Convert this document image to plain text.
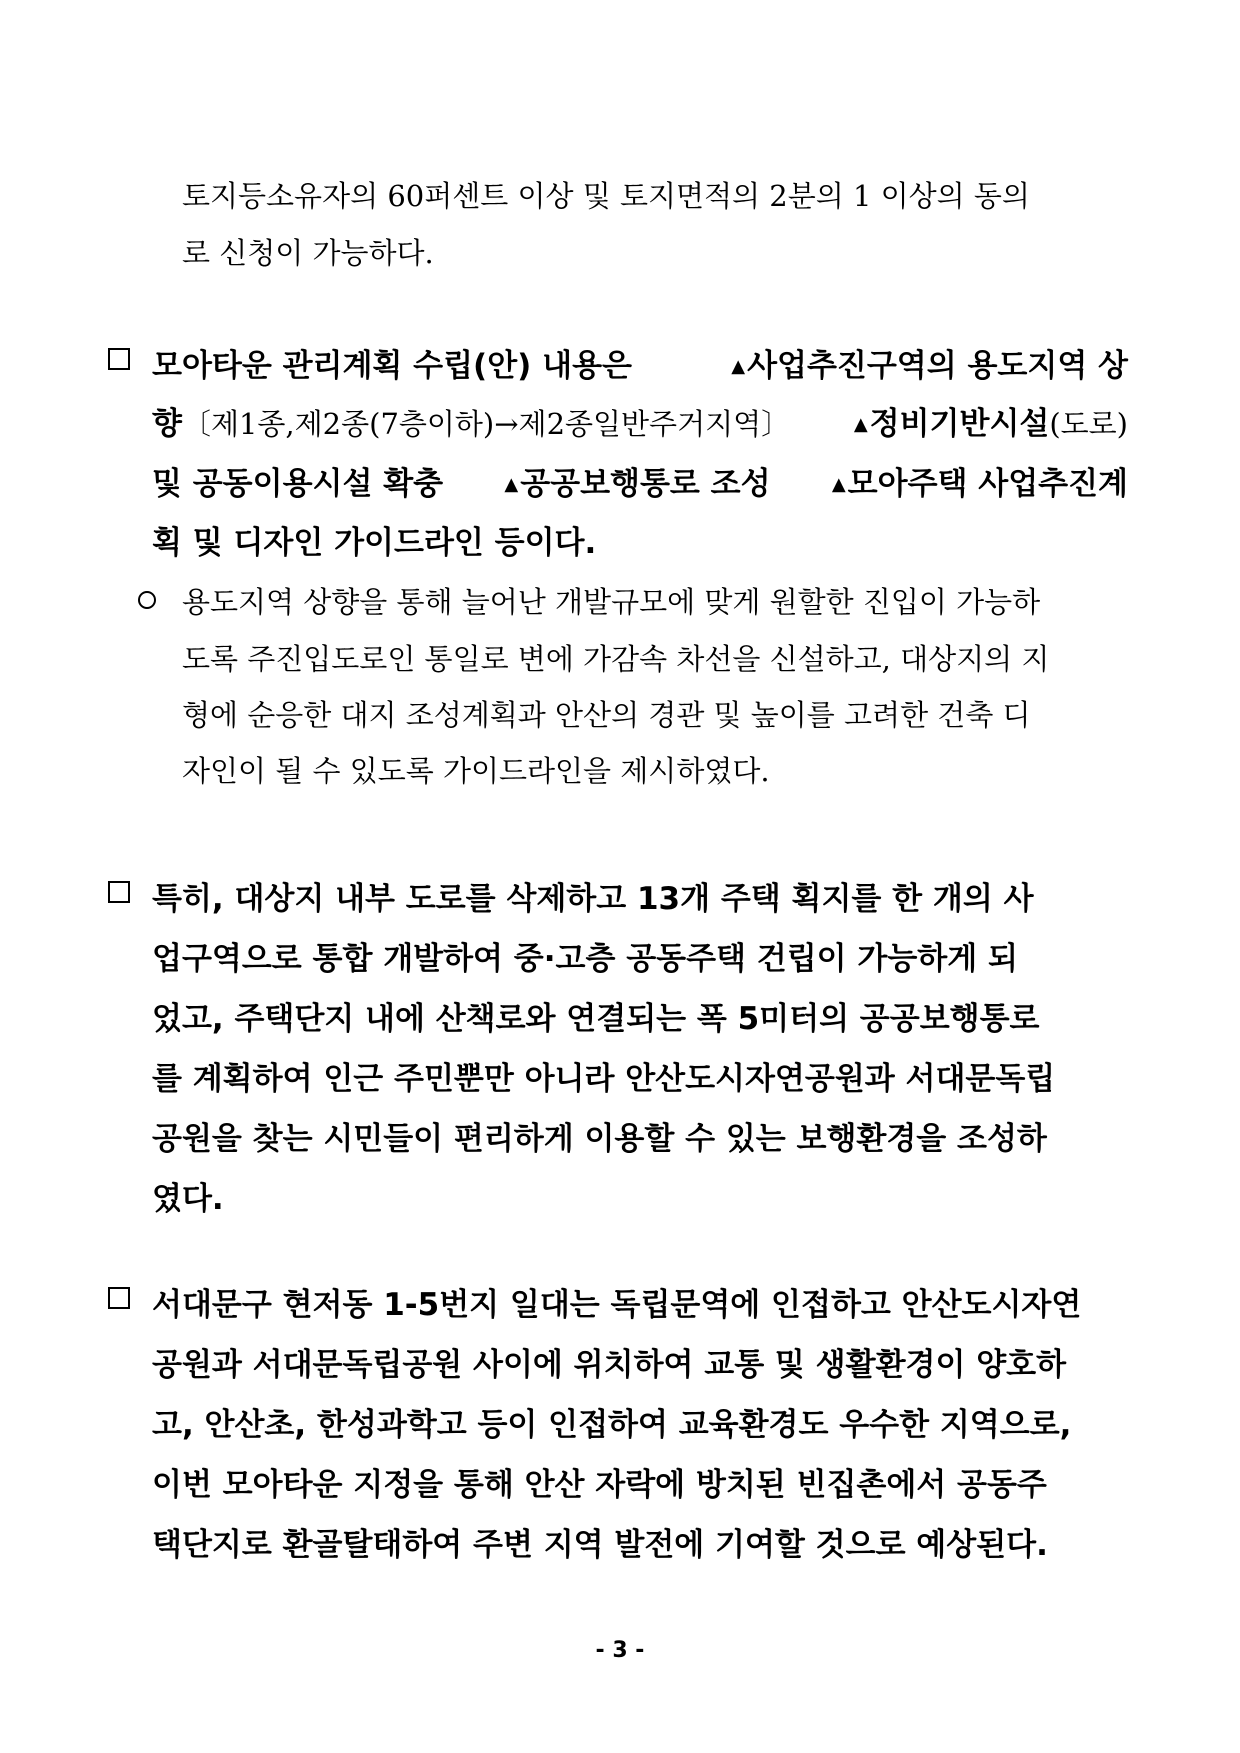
토지등소유자의 60퍼센트 이상 및 토지면적의 2분의 1 이상의 동의
로 신청이 가능하다.
모아타운 관리계획 수립(안) 내용은	▲사업추진구역의 용도지역 상
향〔제1종,제2종(7층이하)→제2종일반주거지역〕	▲정비기반시설(도로)
및 공동이용시설 확충	▲공공보행통로 조성	▲모아주택 사업추진계
획 및 디자인 가이드라인 등이다.
용도지역 상향을 통해 늘어난 개발규모에 맞게 원할한 진입이 가능하
도록 주진입도로인 통일로 변에 가감속 차선을 신설하고, 대상지의 지
형에 순응한 대지 조성계획과 안산의 경관 및 높이를 고려한 건축 디
자인이 될 수 있도록 가이드라인을 제시하였다.
특히, 대상지 내부 도로를 삭제하고 13개 주택 획지를 한 개의 사
업구역으로 통합 개발하여 중·고층 공동주택 건립이 가능하게 되
었고, 주택단지 내에 산책로와 연결되는 폭 5미터의 공공보행통로
를 계획하여 인근 주민뿐만 아니라 안산도시자연공원과 서대문독립
공원을 찾는 시민들이 편리하게 이용할 수 있는 보행환경을 조성하
였다.
서대문구 현저동 1-5번지 일대는 독립문역에 인접하고 안산도시자연
공원과 서대문독립공원 사이에 위치하여 교통 및 생활환경이 양호하
고, 안산초, 한성과학고 등이 인접하여 교육환경도 우수한 지역으로,
이번 모아타운 지정을 통해 안산 자락에 방치된 빈집촌에서 공동주
택단지로 환골탈태하여 주변 지역 발전에 기여할 것으로 예상된다.
- 3 -
